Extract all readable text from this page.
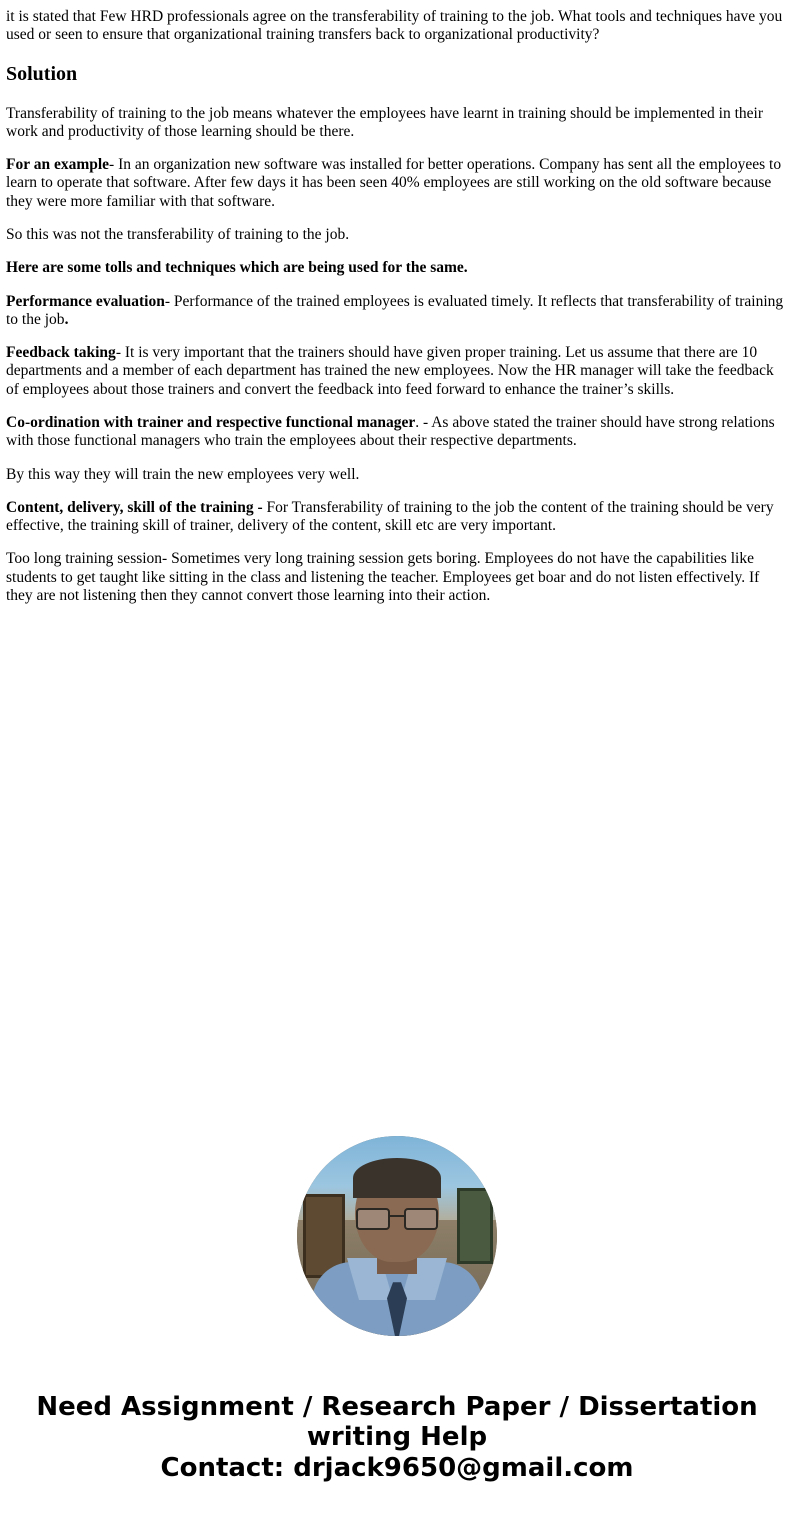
it is stated that Few HRD professionals agree on the transferability of training to the job. What tools and techniques have you used or seen to ensure that organizational training transfers back to organizational productivity?

Solution

Transferability of training to the job means whatever the employees have learnt in training should be implemented in their work and productivity of those learning should be there.

For an example- In an organization new software was installed for better operations. Company has sent all the employees to learn to operate that software. After few days it has been seen 40% employees are still working on the old software because they were more familiar with that software.

So this was not the transferability of training to the job.

Here are some tolls and techniques which are being used for the same.

Performance evaluation- Performance of the trained employees is evaluated timely. It reflects that transferability of training to the job.

Feedback taking- It is very important that the trainers should have given proper training. Let us assume that there are 10 departments and a member of each department has trained the new employees. Now the HR manager will take the feedback of employees about those trainers and convert the feedback into feed forward to enhance the trainer’s skills.

Co-ordination with trainer and respective functional manager. - As above stated the trainer should have strong relations with those functional managers who train the employees about their respective departments.

By this way they will train the new employees very well.

Content, delivery, skill of the training - For Transferability of training to the job the content of the training should be very effective, the training skill of trainer, delivery of the content, skill etc are very important.

Too long training session- Sometimes very long training session gets boring. Employees do not have the capabilities like students to get taught like sitting in the class and listening the teacher. Employees get boar and do not listen effectively. If they are not listening then they cannot convert those learning into their action.

Need Assignment / Research Paper / Dissertation
writing Help
Contact: drjack9650@gmail.com
